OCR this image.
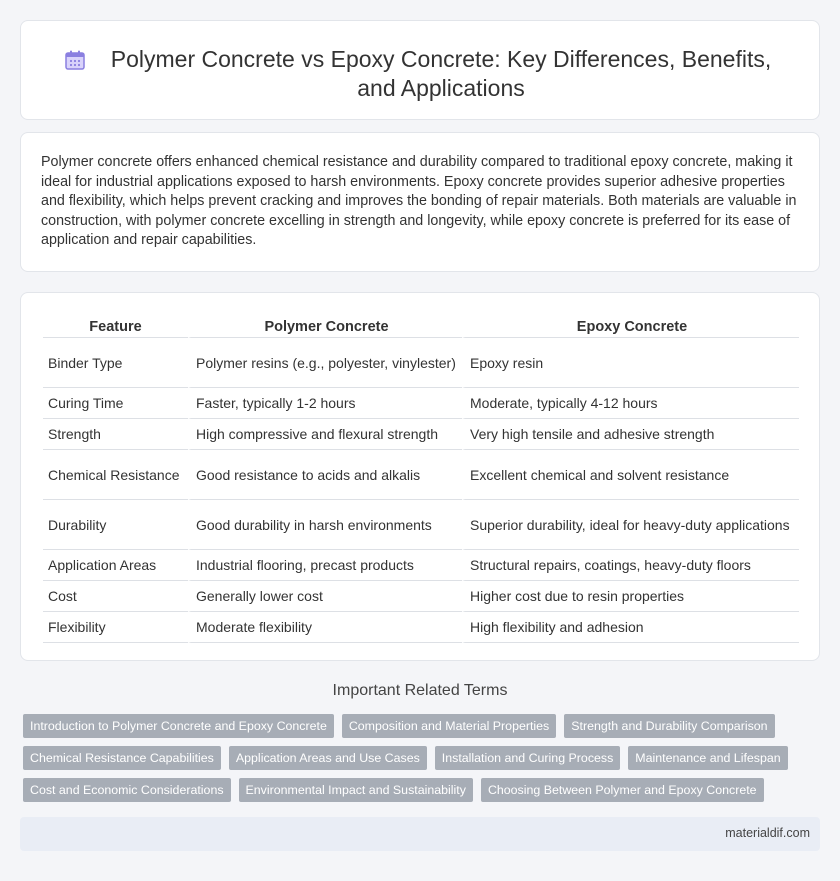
Polymer Concrete vs Epoxy Concrete: Key Differences, Benefits, and Applications

Polymer concrete offers enhanced chemical resistance and durability compared to traditional epoxy concrete, making it ideal for industrial applications exposed to harsh environments. Epoxy concrete provides superior adhesive properties and flexibility, which helps prevent cracking and improves the bonding of repair materials. Both materials are valuable in construction, with polymer concrete excelling in strength and longevity, while epoxy concrete is preferred for its ease of application and repair capabilities.

Feature	Polymer Concrete	Epoxy Concrete
Binder Type	Polymer resins (e.g., polyester, vinylester)	Epoxy resin
Curing Time	Faster, typically 1-2 hours	Moderate, typically 4-12 hours
Strength	High compressive and flexural strength	Very high tensile and adhesive strength
Chemical Resistance	Good resistance to acids and alkalis	Excellent chemical and solvent resistance
Durability	Good durability in harsh environments	Superior durability, ideal for heavy-duty applications
Application Areas	Industrial flooring, precast products	Structural repairs, coatings, heavy-duty floors
Cost	Generally lower cost	Higher cost due to resin properties
Flexibility	Moderate flexibility	High flexibility and adhesion
Important Related Terms
Introduction to Polymer Concrete and Epoxy Concrete	Composition and Material Properties	Strength and Durability Comparison
Chemical Resistance Capabilities	Application Areas and Use Cases	Installation and Curing Process	Maintenance and Lifespan
Cost and Economic Considerations	Environmental Impact and Sustainability	Choosing Between Polymer and Epoxy Concrete
materialdif.com
